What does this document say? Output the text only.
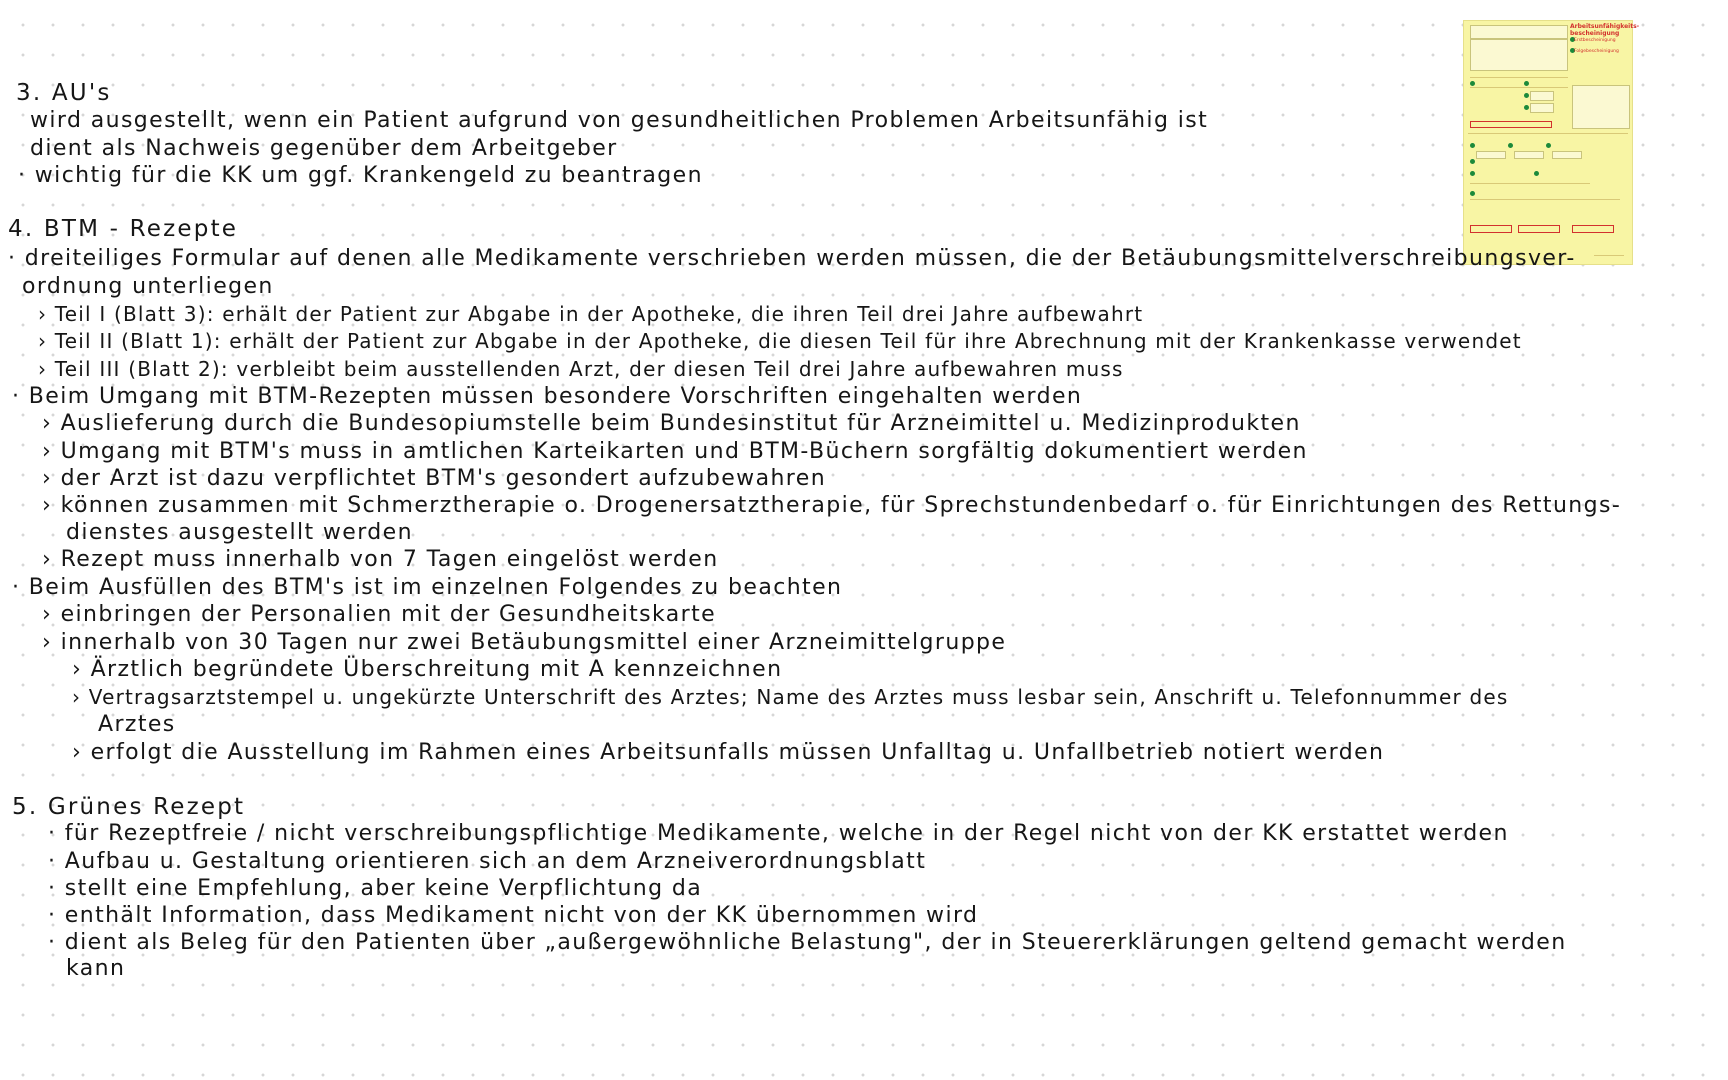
3. AU's
wird ausgestellt, wenn ein Patient aufgrund von gesundheitlichen Problemen Arbeitsunfähig ist
dient als Nachweis gegenüber dem Arbeitgeber
· wichtig für die KK um ggf. Krankengeld zu beantragen
Arbeitsunfähigkeits-bescheinigung
Erstbescheinigung
Folgebescheinigung
4. BTM - Rezepte
· dreiteiliges Formular auf denen alle Medikamente verschrieben werden müssen, die der Betäubungsmittelverschreibungsver-
ordnung unterliegen
› Teil I (Blatt 3): erhält der Patient zur Abgabe in der Apotheke, die ihren Teil drei Jahre aufbewahrt
› Teil II (Blatt 1): erhält der Patient zur Abgabe in der Apotheke, die diesen Teil für ihre Abrechnung mit der Krankenkasse verwendet
› Teil III (Blatt 2): verbleibt beim ausstellenden Arzt, der diesen Teil drei Jahre aufbewahren muss
· Beim Umgang mit BTM-Rezepten müssen besondere Vorschriften eingehalten werden
› Auslieferung durch die Bundesopiumstelle beim Bundesinstitut für Arzneimittel u. Medizinprodukten
› Umgang mit BTM's muss in amtlichen Karteikarten und BTM-Büchern sorgfältig dokumentiert werden
› der Arzt ist dazu verpflichtet BTM's gesondert aufzubewahren
› können zusammen mit Schmerztherapie o. Drogenersatztherapie, für Sprechstundenbedarf o. für Einrichtungen des Rettungs-
dienstes ausgestellt werden
› Rezept muss innerhalb von 7 Tagen eingelöst werden
· Beim Ausfüllen des BTM's ist im einzelnen Folgendes zu beachten
› einbringen der Personalien mit der Gesundheitskarte
› innerhalb von 30 Tagen nur zwei Betäubungsmittel einer Arzneimittelgruppe
› Ärztlich begründete Überschreitung mit A kennzeichnen
› Vertragsarztstempel u. ungekürzte Unterschrift des Arztes; Name des Arztes muss lesbar sein, Anschrift u. Telefonnummer des
Arztes
› erfolgt die Ausstellung im Rahmen eines Arbeitsunfalls müssen Unfalltag u. Unfallbetrieb notiert werden
5. Grünes Rezept
· für Rezeptfreie / nicht verschreibungspflichtige Medikamente, welche in der Regel nicht von der KK erstattet werden
· Aufbau u. Gestaltung orientieren sich an dem Arzneiverordnungsblatt
· stellt eine Empfehlung, aber keine Verpflichtung da
· enthält Information, dass Medikament nicht von der KK übernommen wird
· dient als Beleg für den Patienten über „außergewöhnliche Belastung", der in Steuererklärungen geltend gemacht werden
kann
